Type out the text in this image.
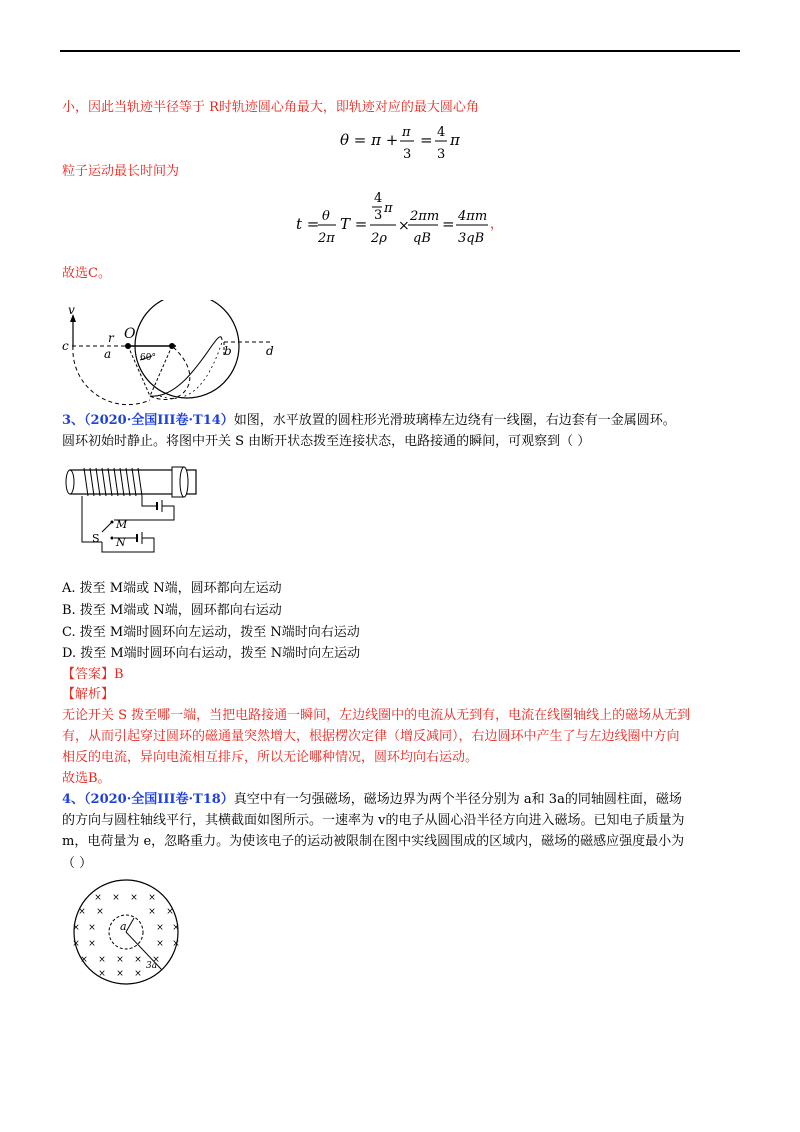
小，因此当轨迹半径等于 R时轨迹圆心角最大，即轨迹对应的最大圆心角
θ = π + π
3
= 4
3
π
粒子运动最长时间为
t = θ
2π
T =
4
3 π
2ρ
×
2πm
qB
= 4πm
3qB
，
故选C。
v
c
r O
a	60°	b	d
3、（2020·全国III卷·T14）如图，水平放置的圆柱形光滑玻璃棒左边绕有一线圈，右边套有一金属圆环。
圆环初始时静止。将图中开关 S 由断开状态拨至连接状态，电路接通的瞬间，可观察到（ ）
M
S N
A. 拨至 M端或 N端，圆环都向左运动
B. 拨至 M端或 N端，圆环都向右运动
C. 拨至 M端时圆环向左运动，拨至 N端时向右运动
D. 拨至 M端时圆环向右运动，拨至 N端时向左运动
【答案】B
【解析】
无论开关 S 拨至哪一端，当把电路接通一瞬间，左边线圈中的电流从无到有，电流在线圈轴线上的磁场从无到
有，从而引起穿过圆环的磁通量突然增大，根据楞次定律（增反减同），右边圆环中产生了与左边线圈中方向
相反的电流，异向电流相互排斥，所以无论哪种情况，圆环均向右运动。
故选B。
4、（2020·全国III卷·T18）真空中有一匀强磁场，磁场边界为两个半径分别为 a和 3a的同轴圆柱面，磁场
的方向与圆柱轴线平行，其横截面如图所示。一速率为 v的电子从圆心沿半径方向进入磁场。已知电子质量为
m，电荷量为 e，忽略重力。为使该电子的运动被限制在图中实线圆围成的区域内，磁场的磁感应强度最小为
（ ）
× × × ×
× ×	× ×
× ×	× ×
× ×	× ×
× × × × ×
× × ×
a
3a
